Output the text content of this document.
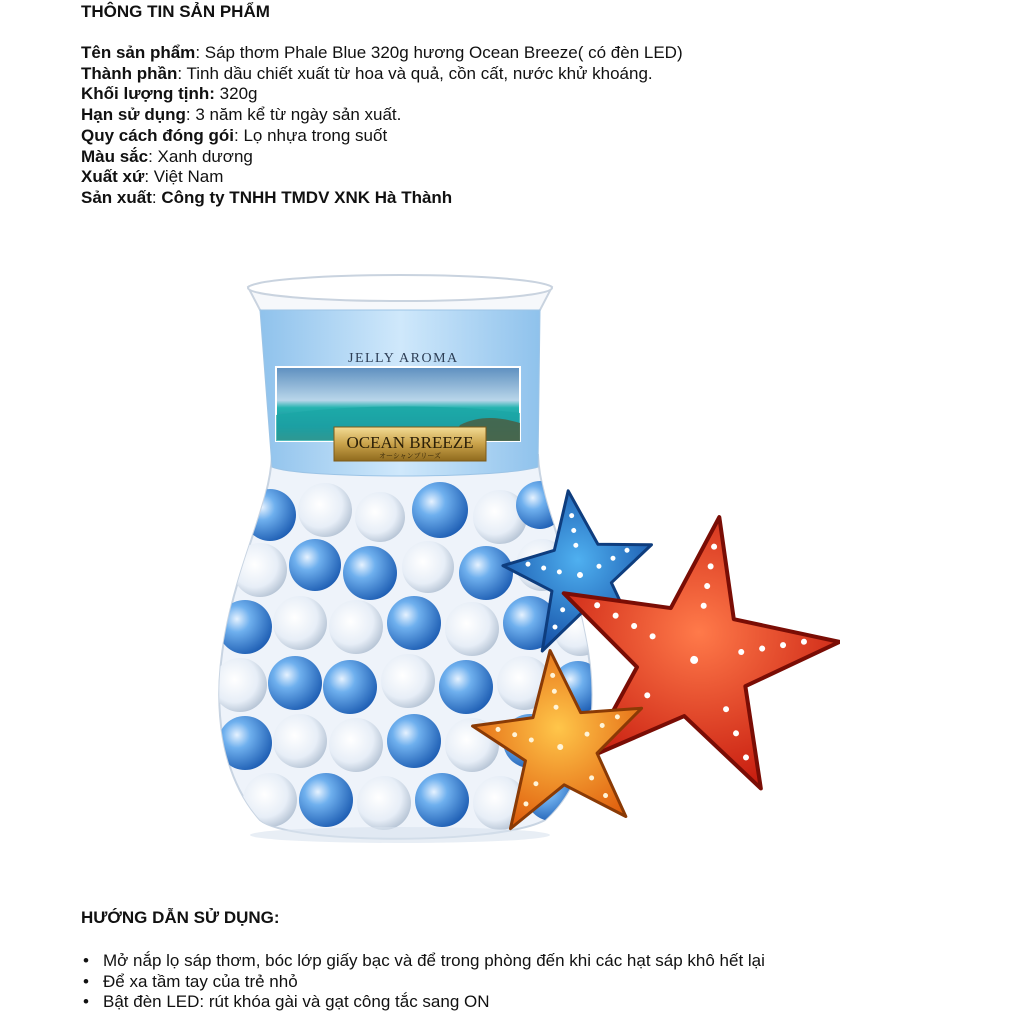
THÔNG TIN SẢN PHẨM
Tên sản phẩm: Sáp thơm Phale Blue 320g hương Ocean Breeze( có đèn LED)
Thành phần: Tinh dầu chiết xuất từ hoa và quả, cồn cất, nước khử khoáng.
Khối lượng tịnh: 320g
Hạn sử dụng: 3 năm kể từ ngày sản xuất.
Quy cách đóng gói: Lọ nhựa trong suốt
Màu sắc: Xanh dương
Xuất xứ: Việt Nam
Sản xuất: Công ty TNHH TMDV XNK Hà Thành
JELLY AROMA
OCEAN BREEZE
オーシャンブリーズ
HƯỚNG DẪN SỬ DỤNG:
• Mở nắp lọ sáp thơm, bóc lớp giấy bạc và để trong phòng đến khi các hạt sáp khô hết lại
• Để xa tầm tay của trẻ nhỏ
• Bật đèn LED: rút khóa gài và gạt công tắc sang ON
